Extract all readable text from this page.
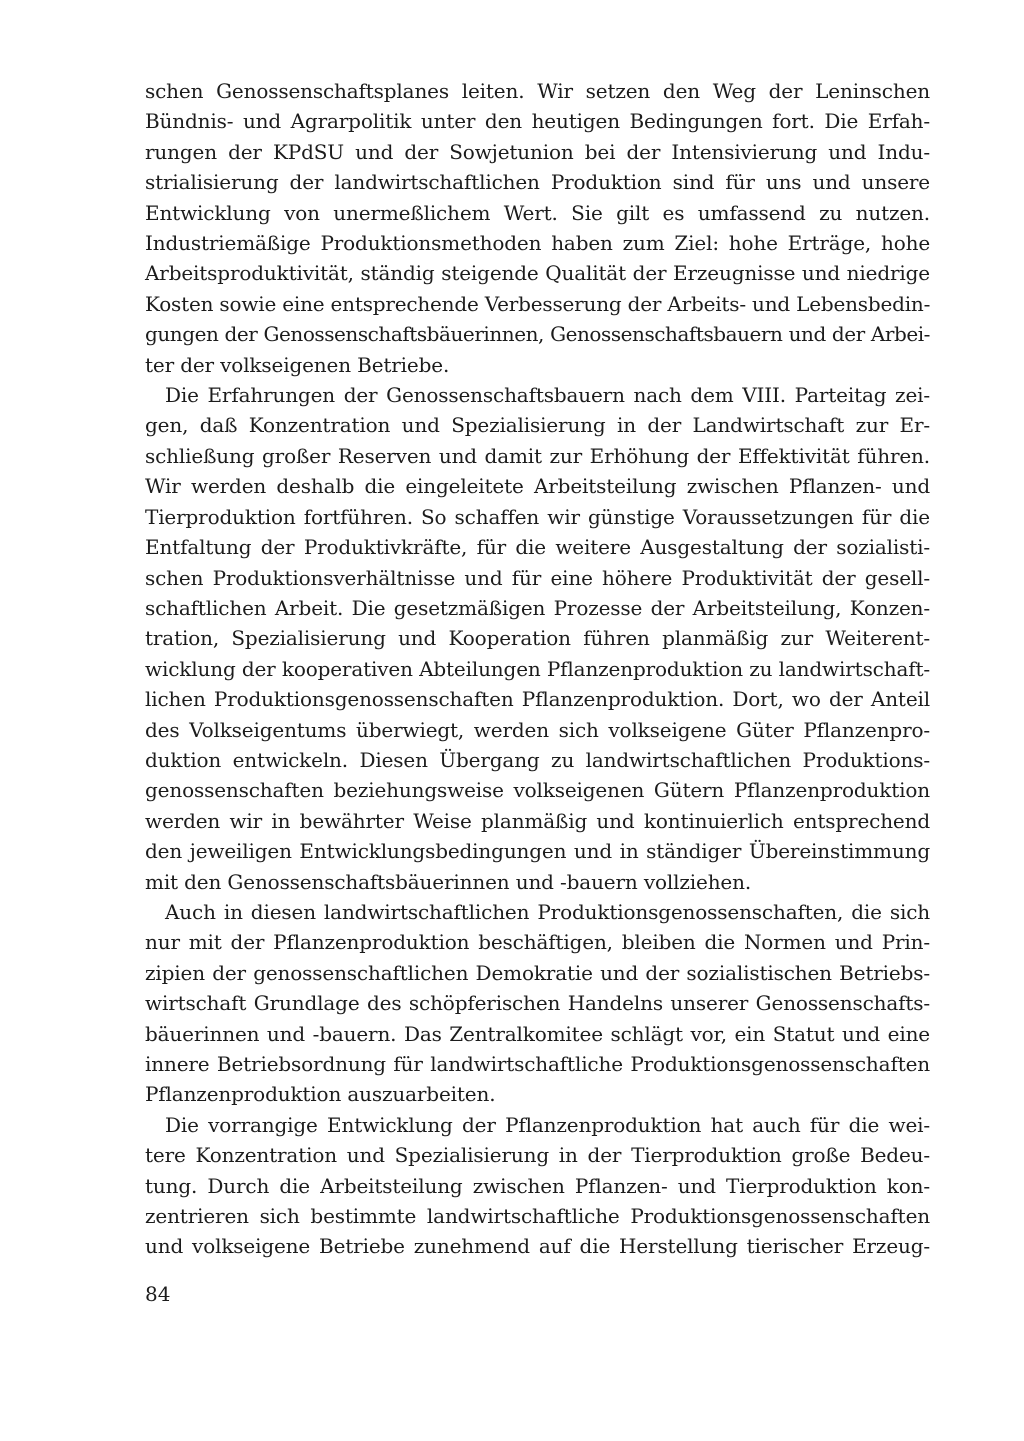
schen Genossenschaftsplanes leiten. Wir setzen den Weg der Leninschen
Bündnis- und Agrarpolitik unter den heutigen Bedingungen fort. Die Erfah-
rungen der KPdSU und der Sowjetunion bei der Intensivierung und Indu-
strialisierung der landwirtschaftlichen Produktion sind für uns und unsere
Entwicklung von unermeßlichem Wert. Sie gilt es umfassend zu nutzen.
Industriemäßige Produktionsmethoden haben zum Ziel: hohe Erträge, hohe
Arbeitsproduktivität, ständig steigende Qualität der Erzeugnisse und niedrige
Kosten sowie eine entsprechende Verbesserung der Arbeits- und Lebensbedin-
gungen der Genossenschaftsbäuerinnen, Genossenschaftsbauern und der Arbei-
ter der volkseigenen Betriebe.

Die Erfahrungen der Genossenschaftsbauern nach dem VIII. Parteitag zei-
gen, daß Konzentration und Spezialisierung in der Landwirtschaft zur Er-
schließung großer Reserven und damit zur Erhöhung der Effektivität führen.
Wir werden deshalb die eingeleitete Arbeitsteilung zwischen Pflanzen- und
Tierproduktion fortführen. So schaffen wir günstige Voraussetzungen für die
Entfaltung der Produktivkräfte, für die weitere Ausgestaltung der sozialisti-
schen Produktionsverhältnisse und für eine höhere Produktivität der gesell-
schaftlichen Arbeit. Die gesetzmäßigen Prozesse der Arbeitsteilung, Konzen-
tration, Spezialisierung und Kooperation führen planmäßig zur Weiterent-
wicklung der kooperativen Abteilungen Pflanzenproduktion zu landwirtschaft-
lichen Produktionsgenossenschaften Pflanzenproduktion. Dort, wo der Anteil
des Volkseigentums überwiegt, werden sich volkseigene Güter Pflanzenpro-
duktion entwickeln. Diesen Übergang zu landwirtschaftlichen Produktions-
genossenschaften beziehungsweise volkseigenen Gütern Pflanzenproduktion
werden wir in bewährter Weise planmäßig und kontinuierlich entsprechend
den jeweiligen Entwicklungsbedingungen und in ständiger Übereinstimmung
mit den Genossenschaftsbäuerinnen und -bauern vollziehen.

Auch in diesen landwirtschaftlichen Produktionsgenossenschaften, die sich
nur mit der Pflanzenproduktion beschäftigen, bleiben die Normen und Prin-
zipien der genossenschaftlichen Demokratie und der sozialistischen Betriebs-
wirtschaft Grundlage des schöpferischen Handelns unserer Genossenschafts-
bäuerinnen und -bauern. Das Zentralkomitee schlägt vor, ein Statut und eine
innere Betriebsordnung für landwirtschaftliche Produktionsgenossenschaften
Pflanzenproduktion auszuarbeiten.

Die vorrangige Entwicklung der Pflanzenproduktion hat auch für die wei-
tere Konzentration und Spezialisierung in der Tierproduktion große Bedeu-
tung. Durch die Arbeitsteilung zwischen Pflanzen- und Tierproduktion kon-
zentrieren sich bestimmte landwirtschaftliche Produktionsgenossenschaften
und volkseigene Betriebe zunehmend auf die Herstellung tierischer Erzeug-

84
